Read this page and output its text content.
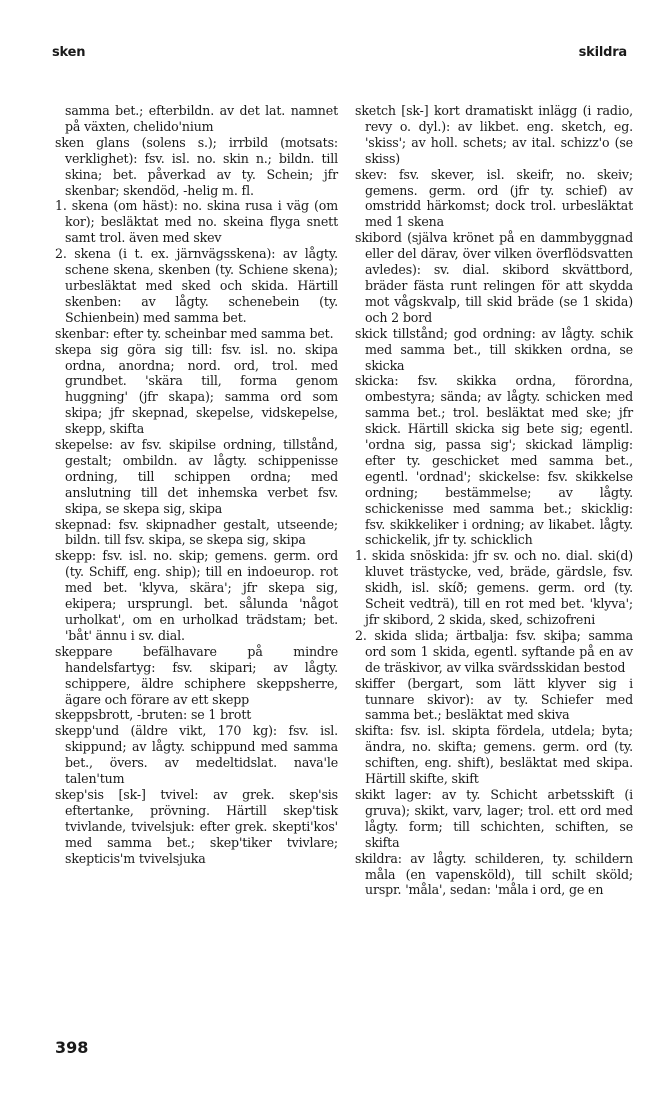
sken	skildra

samma bet.; efterbildn. av det lat. namnet på växten, chelido'nium

sken glans (solens s.); irrbild (motsats: verklighet): fsv. isl. no. skin n.; bildn. till skina; bet. påverkad av ty. Schein; jfr skenbar; skendöd, -helig m. fl.

1. skena (om häst): no. skina rusa i väg (om kor); besläktat med no. skeina flyga snett samt trol. även med skev

2. skena (i t. ex. järnvägsskena): av lågty. schene skena, skenben (ty. Schiene skena); urbesläktat med sked och skida. Härtill skenben: av lågty. schenebein (ty. Schienbein) med samma bet.

skenbar: efter ty. scheinbar med samma bet.

skepa sig göra sig till: fsv. isl. no. skipa ordna, anordna; nord. ord, trol. med grundbet. 'skära till, forma genom huggning' (jfr skapa); samma ord som skipa; jfr skepnad, skepelse, vidskepelse, skepp, skifta

skepelse: av fsv. skipilse ordning, tillstånd, gestalt; ombildn. av lågty. schippenisse ordning, till schippen ordna; med anslutning till det inhemska verbet fsv. skipa, se skepa sig, skipa

skepnad: fsv. skipnadher gestalt, utseende; bildn. till fsv. skipa, se skepa sig, skipa

skepp: fsv. isl. no. skip; gemens. germ. ord (ty. Schiff, eng. ship); till en indoeurop. rot med bet. 'klyva, skära'; jfr skepa sig, ekipera; ursprungl. bet. sålunda 'något urholkat', om en urholkad trädstam; bet. 'båt' ännu i sv. dial.

skeppare befälhavare på mindre handelsfartyg: fsv. skipari; av lågty. schippere, äldre schiphere skeppsherre, ägare och förare av ett skepp

skeppsbrott, -bruten: se 1 brott

skepp'und (äldre vikt, 170 kg): fsv. isl. skippund; av lågty. schippund med samma bet., övers. av medeltidslat. nava'le talen'tum

skep'sis [sk-] tvivel: av grek. skep'sis eftertanke, prövning. Härtill skep'tisk tvivlande, tvivelsjuk: efter grek. skepti'kos' med samma bet.; skep'tiker tvivlare; skepticis'm tvivelsjuka

sketch [sk-] kort dramatiskt inlägg (i radio, revy o. dyl.): av likbet. eng. sketch, eg. 'skiss'; av holl. schets; av ital. schizz'o (se skiss)

skev: fsv. skever, isl. skeifr, no. skeiv; gemens. germ. ord (jfr ty. schief) av omstridd härkomst; dock trol. urbesläktat med 1 skena

skibord (själva krönet på en dammbyggnad eller del därav, över vilken överflödsvatten avledes): sv. dial. skibord skvättbord, bräder fästa runt relingen för att skydda mot vågskvalp, till skid bräde (se 1 skida) och 2 bord

skick tillstånd; god ordning: av lågty. schik med samma bet., till skikken ordna, se skicka

skicka: fsv. skikka ordna, förordna, ombestyra; sända; av lågty. schicken med samma bet.; trol. besläktat med ske; jfr skick. Härtill skicka sig bete sig; egentl. 'ordna sig, passa sig'; skickad lämplig: efter ty. geschicket med samma bet., egentl. 'ordnad'; skickelse: fsv. skikkelse ordning; bestämmelse; av lågty. schickenisse med samma bet.; skicklig: fsv. skikkeliker i ordning; av likabet. lågty. schickelik, jfr ty. schicklich

1. skida snöskida: jfr sv. och no. dial. ski(d) kluvet trästycke, ved, bräde, gärdsle, fsv. skidh, isl. skíð; gemens. germ. ord (ty. Scheit vedträ), till en rot med bet. 'klyva'; jfr skibord, 2 skida, sked, schizofreni

2. skida slida; ärtbalja: fsv. skiþa; samma ord som 1 skida, egentl. syftande på en av de träskivor, av vilka svärdsskidan bestod

skiffer (bergart, som lätt klyver sig i tunnare skivor): av ty. Schiefer med samma bet.; besläktat med skiva

skifta: fsv. isl. skipta fördela, utdela; byta; ändra, no. skifta; gemens. germ. ord (ty. schiften, eng. shift), besläktat med skipa. Härtill skifte, skift

skikt lager: av ty. Schicht arbetsskift (i gruva); skikt, varv, lager; trol. ett ord med lågty. form; till schichten, schiften, se skifta

skildra: av lågty. schilderen, ty. schildern måla (en vapensköld), till schilt sköld; urspr. 'måla', sedan: 'måla i ord, ge en

398
